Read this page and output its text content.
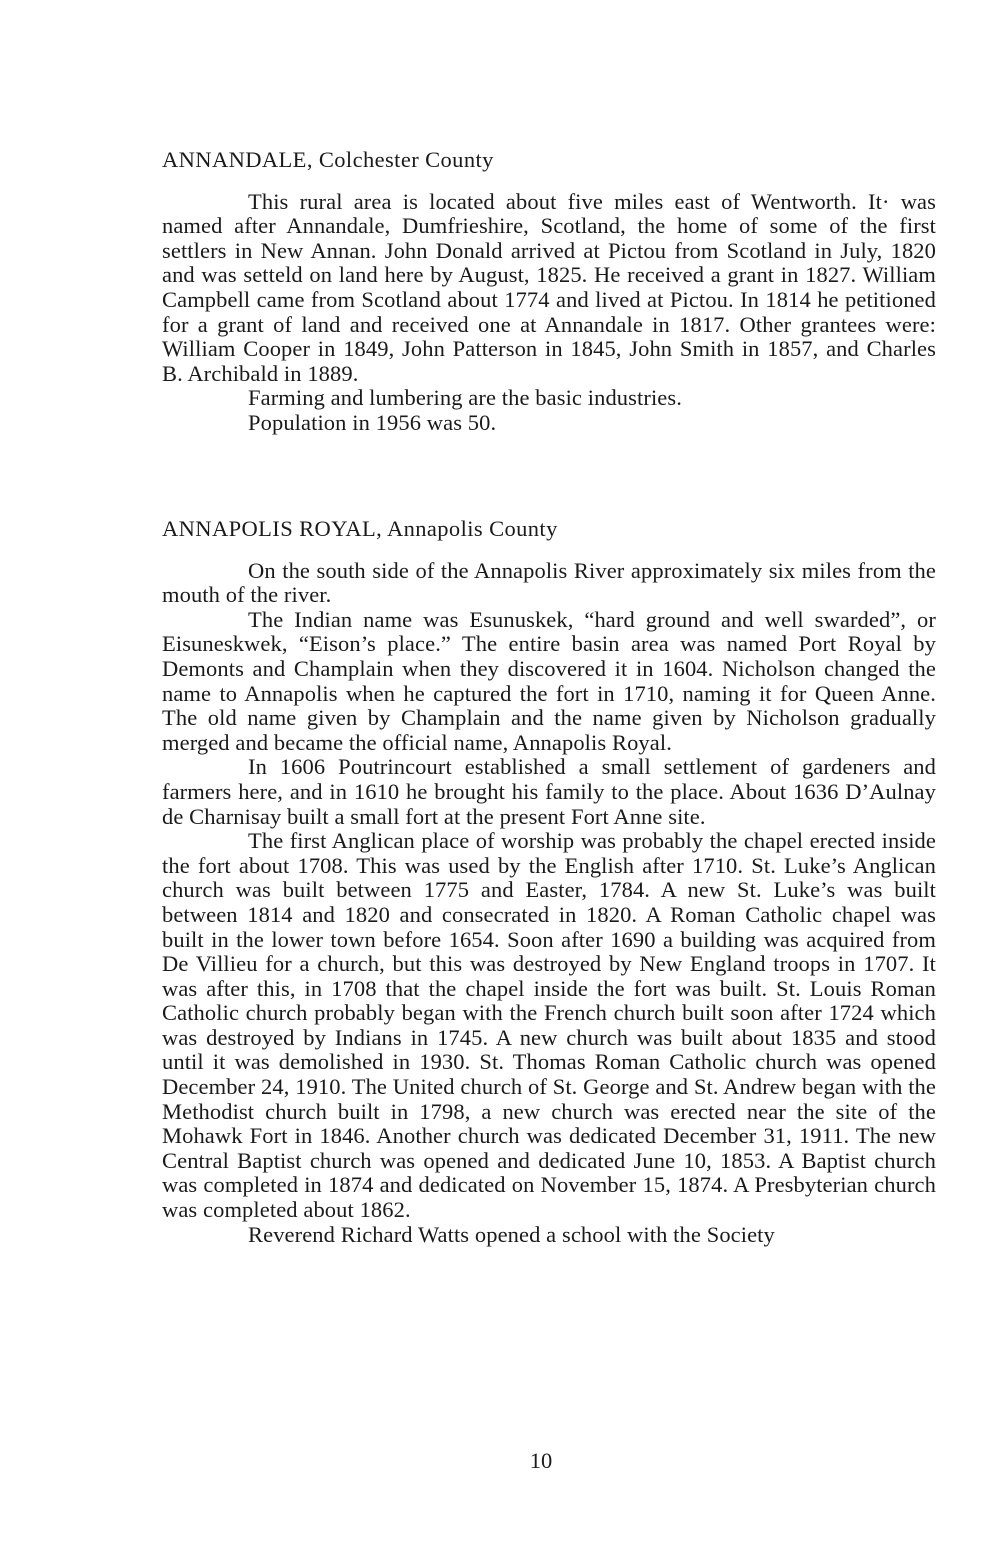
ANNANDALE, Colchester County

This rural area is located about five miles east of Wentworth. It· was named after Annandale, Dumfrieshire, Scotland, the home of some of the first settlers in New Annan. John Donald arrived at Pictou from Scotland in July, 1820 and was setteld on land here by August, 1825. He received a grant in 1827. William Campbell came from Scotland about 1774 and lived at Pictou. In 1814 he petitioned for a grant of land and received one at Annandale in 1817. Other grantees were: William Cooper in 1849, John Patterson in 1845, John Smith in 1857, and Charles B. Archibald in 1889.

Farming and lumbering are the basic industries.

Population in 1956 was 50.

ANNAPOLIS ROYAL, Annapolis County

On the south side of the Annapolis River approximately six miles from the mouth of the river.

The Indian name was Esunuskek, “hard ground and well swarded”, or Eisuneskwek, “Eison’s place.” The entire basin area was named Port Royal by Demonts and Champlain when they discovered it in 1604. Nicholson changed the name to Annapolis when he captured the fort in 1710, naming it for Queen Anne. The old name given by Champlain and the name given by Nicholson gradually merged and became the official name, Annapolis Royal.

In 1606 Poutrincourt established a small settlement of gardeners and farmers here, and in 1610 he brought his family to the place. About 1636 D’Aulnay de Charnisay built a small fort at the present Fort Anne site.

The first Anglican place of worship was probably the chapel erected inside the fort about 1708. This was used by the English after 1710. St. Luke’s Anglican church was built between 1775 and Easter, 1784. A new St. Luke’s was built between 1814 and 1820 and consecrated in 1820. A Roman Catholic chapel was built in the lower town before 1654. Soon after 1690 a building was acquired from De Villieu for a church, but this was destroyed by New England troops in 1707. It was after this, in 1708 that the chapel inside the fort was built. St. Louis Roman Catholic church probably began with the French church built soon after 1724 which was destroyed by Indians in 1745. A new church was built about 1835 and stood until it was demolished in 1930. St. Thomas Roman Catholic church was opened December 24, 1910. The United church of St. George and St. Andrew began with the Methodist church built in 1798, a new church was erected near the site of the Mohawk Fort in 1846. Another church was dedicated December 31, 1911. The new Central Baptist church was opened and dedicated June 10, 1853. A Baptist church was completed in 1874 and dedicated on November 15, 1874. A Presbyterian church was completed about 1862.

Reverend Richard Watts opened a school with the Society

10
